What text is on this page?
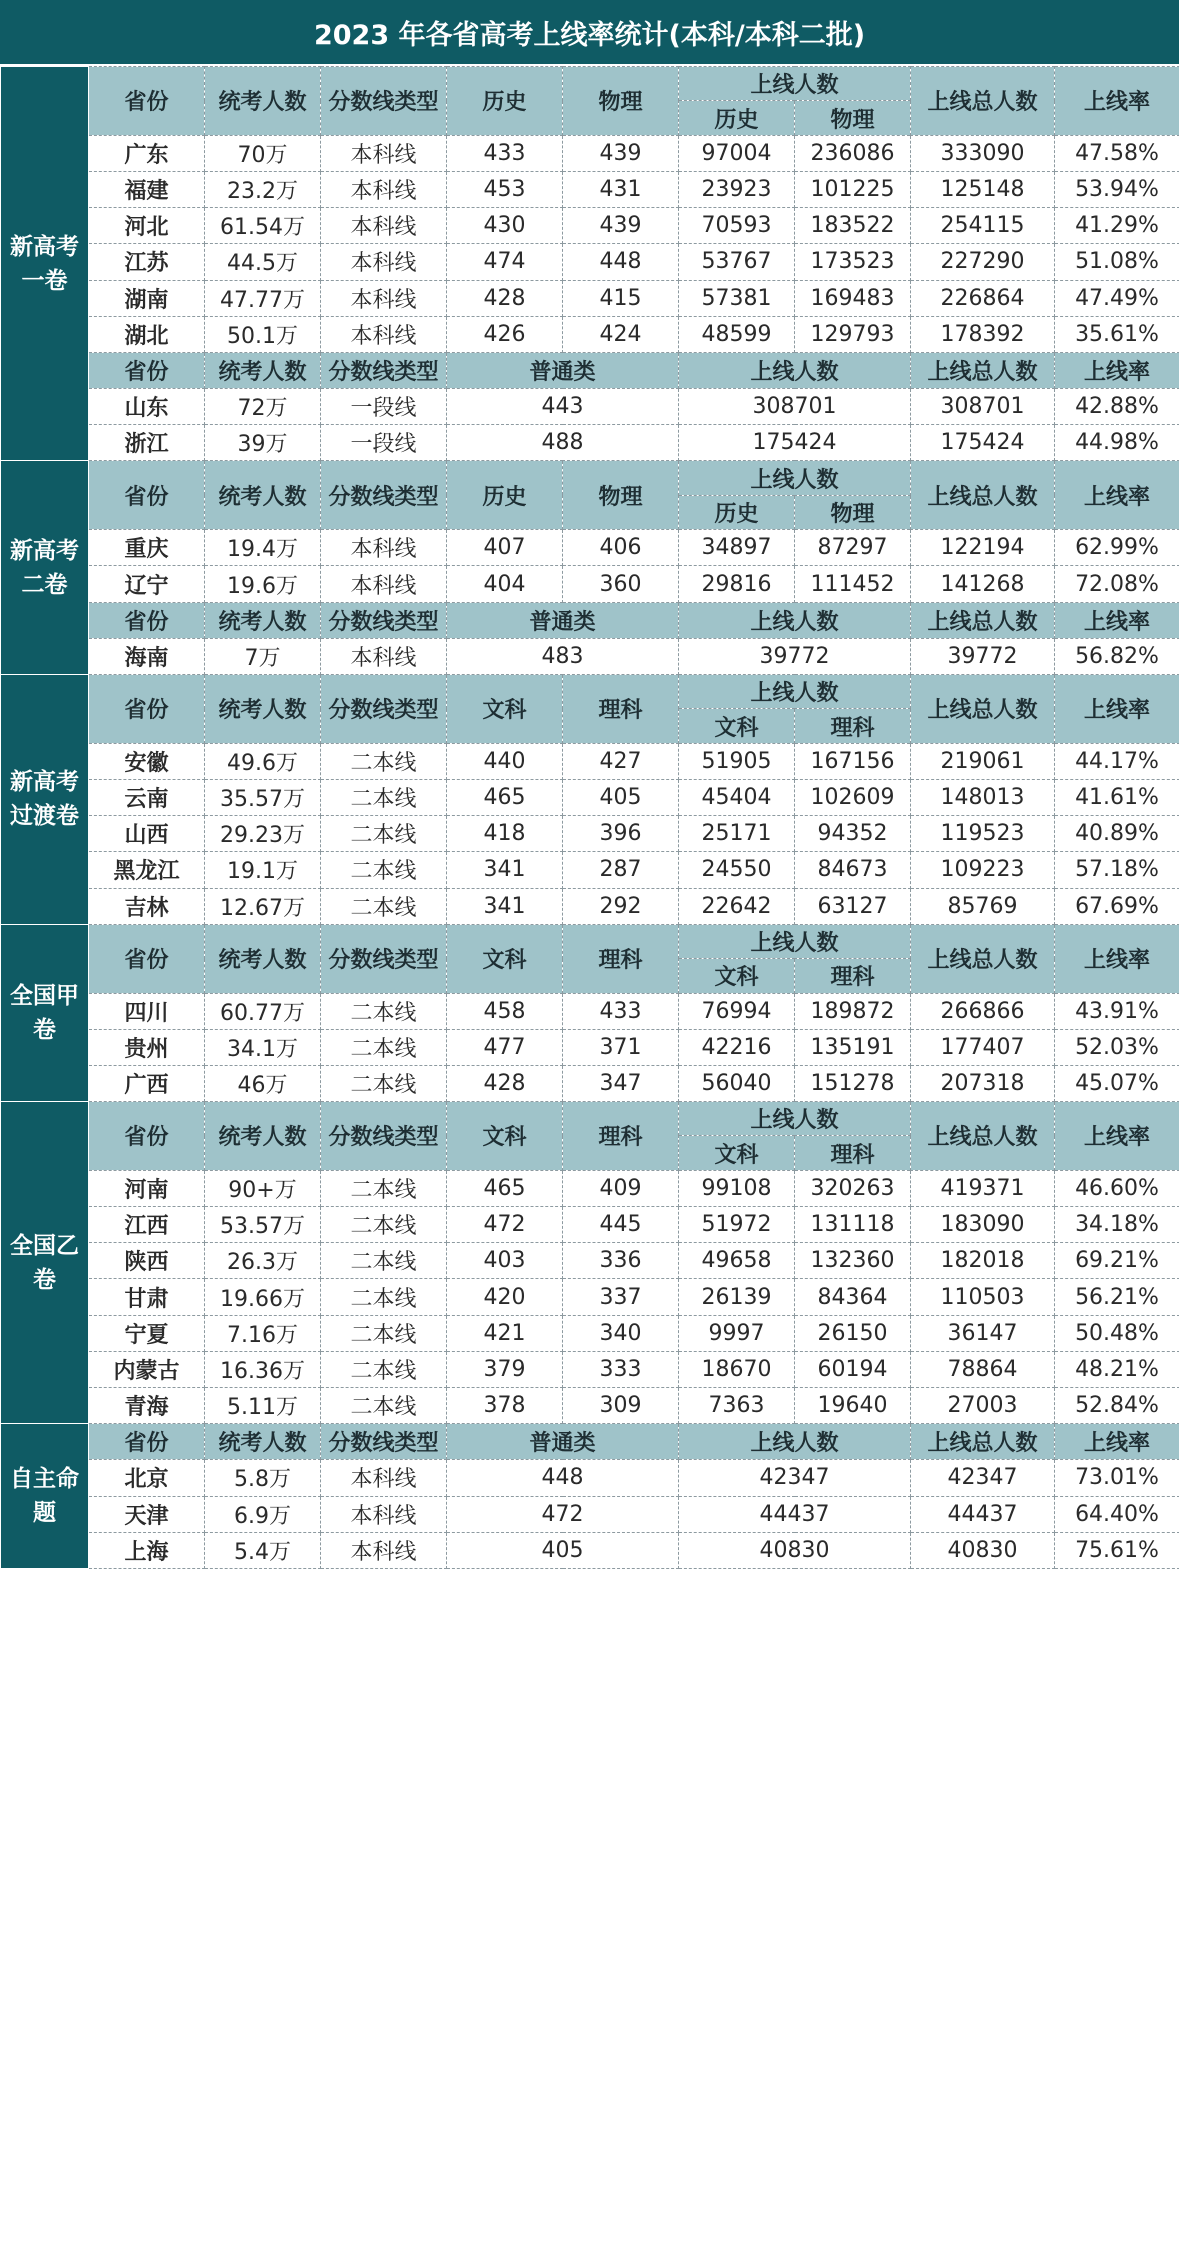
2023 年各省高考上线率统计(本科/本科二批)
新高考一卷	省份	统考人数	分数线类型	历史	物理	上线人数		上线总人数	上线率
						历史	物理		
	广东	70万	本科线	433	439	97004	236086	333090	47.58%
	福建	23.2万	本科线	453	431	23923	101225	125148	53.94%
	河北	61.54万	本科线	430	439	70593	183522	254115	41.29%
	江苏	44.5万	本科线	474	448	53767	173523	227290	51.08%
	湖南	47.77万	本科线	428	415	57381	169483	226864	47.49%
	湖北	50.1万	本科线	426	424	48599	129793	178392	35.61%
	省份	统考人数	分数线类型	普通类		上线人数		上线总人数	上线率
	山东	72万	一段线	443		308701		308701	42.88%
	浙江	39万	一段线	488		175424		175424	44.98%
新高考二卷	省份	统考人数	分数线类型	历史	物理	上线人数		上线总人数	上线率
						历史	物理		
	重庆	19.4万	本科线	407	406	34897	87297	122194	62.99%
	辽宁	19.6万	本科线	404	360	29816	111452	141268	72.08%
	省份	统考人数	分数线类型	普通类		上线人数		上线总人数	上线率
	海南	7万	本科线	483		39772		39772	56.82%
新高考过渡卷	省份	统考人数	分数线类型	文科	理科	上线人数		上线总人数	上线率
						文科	理科		
	安徽	49.6万	二本线	440	427	51905	167156	219061	44.17%
	云南	35.57万	二本线	465	405	45404	102609	148013	41.61%
	山西	29.23万	二本线	418	396	25171	94352	119523	40.89%
	黑龙江	19.1万	二本线	341	287	24550	84673	109223	57.18%
	吉林	12.67万	二本线	341	292	22642	63127	85769	67.69%
全国甲卷	省份	统考人数	分数线类型	文科	理科	上线人数		上线总人数	上线率
						文科	理科		
	四川	60.77万	二本线	458	433	76994	189872	266866	43.91%
	贵州	34.1万	二本线	477	371	42216	135191	177407	52.03%
	广西	46万	二本线	428	347	56040	151278	207318	45.07%
全国乙卷	省份	统考人数	分数线类型	文科	理科	上线人数		上线总人数	上线率
						文科	理科		
	河南	90+万	二本线	465	409	99108	320263	419371	46.60%
	江西	53.57万	二本线	472	445	51972	131118	183090	34.18%
	陕西	26.3万	二本线	403	336	49658	132360	182018	69.21%
	甘肃	19.66万	二本线	420	337	26139	84364	110503	56.21%
	宁夏	7.16万	二本线	421	340	9997	26150	36147	50.48%
	内蒙古	16.36万	二本线	379	333	18670	60194	78864	48.21%
	青海	5.11万	二本线	378	309	7363	19640	27003	52.84%
自主命题	省份	统考人数	分数线类型	普通类		上线人数		上线总人数	上线率
	北京	5.8万	本科线	448		42347		42347	73.01%
	天津	6.9万	本科线	472		44437		44437	64.40%
	上海	5.4万	本科线	405		40830		40830	75.61%
